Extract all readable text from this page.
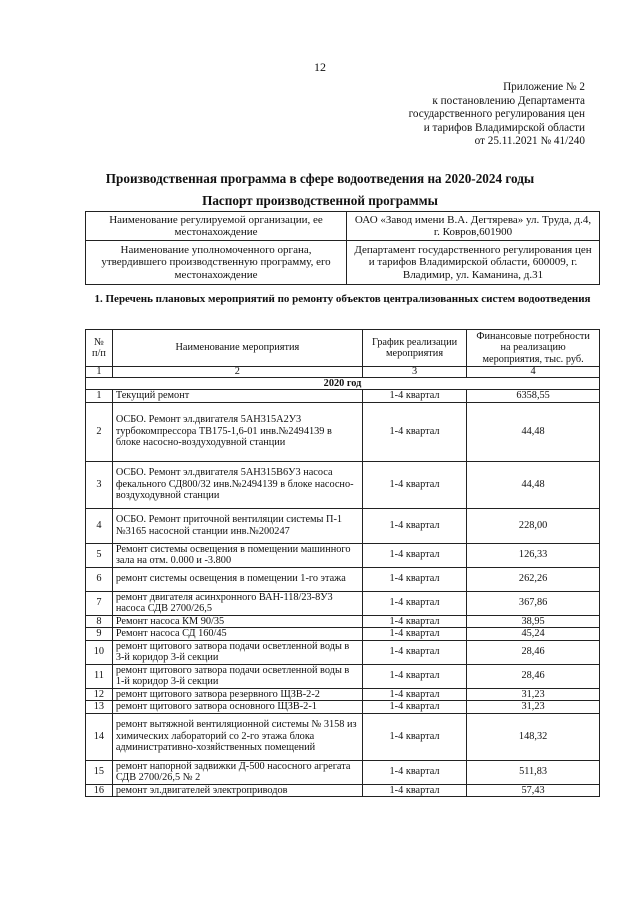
12
Приложение № 2
к постановлению Департамента
государственного регулирования цен
и тарифов Владимирской области
от 25.11.2021 № 41/240
Производственная программа в сфере водоотведения на 2020-2024 годы
Паспорт производственной программы
Наименование регулируемой организации, ее местонахождение	ОАО «Завод имени В.А. Дегтярева» ул. Труда, д.4, г. Ковров,601900
Наименование уполномоченного органа, утвердившего производственную программу, его местонахождение	Департамент государственного регулирования цен и тарифов Владимирской области, 600009, г. Владимир, ул. Каманина, д.31
1. Перечень плановых мероприятий по ремонту объектов централизованных систем водоотведения
№ п/п	Наименование мероприятия	График реализации мероприятия	Финансовые потребности на реализацию мероприятия, тыс. руб.
1	2	3	4
2020 год			
1	Текущий ремонт	1-4 квартал	6358,55
2	ОСБО. Ремонт эл.двигателя 5АН315А2У3 турбокомпрессора ТВ175-1,6-01 инв.№2494139 в блоке насосно-воздуходувной станции	1-4 квартал	44,48
3	ОСБО. Ремонт эл.двигателя 5АН315В6У3 насоса фекального СД800/32 инв.№2494139 в блоке насосно-воздуходувной станции	1-4 квартал	44,48
4	ОСБО. Ремонт приточной вентиляции системы П-1 №3165 насосной станции инв.№200247	1-4 квартал	228,00
5	Ремонт системы освещения в помещении машинного зала на отм. 0.000 и -3.800	1-4 квартал	126,33
6	ремонт системы освещения в помещении 1-го этажа	1-4 квартал	262,26
7	ремонт двигателя асинхронного ВАН-118/23-8У3 насоса СДВ 2700/26,5	1-4 квартал	367,86
8	Ремонт насоса КМ 90/35	1-4 квартал	38,95
9	Ремонт насоса СД 160/45	1-4 квартал	45,24
10	ремонт щитового затвора подачи осветленной воды в 3-й коридор 3-й секции	1-4 квартал	28,46
11	ремонт щитового затвора подачи осветленной воды в 1-й коридор 3-й секции	1-4 квартал	28,46
12	ремонт щитового затвора резервного ЩЗВ-2-2	1-4 квартал	31,23
13	ремонт щитового затвора основного ЩЗВ-2-1	1-4 квартал	31,23
14	ремонт вытяжной вентиляционной системы № 3158 из химических лабораторий со 2-го этажа блока административно-хозяйственных помещений	1-4 квартал	148,32
15	ремонт напорной задвижки Д-500 насосного агрегата СДВ 2700/26,5 № 2	1-4 квартал	511,83
16	ремонт эл.двигателей электроприводов	1-4 квартал	57,43
